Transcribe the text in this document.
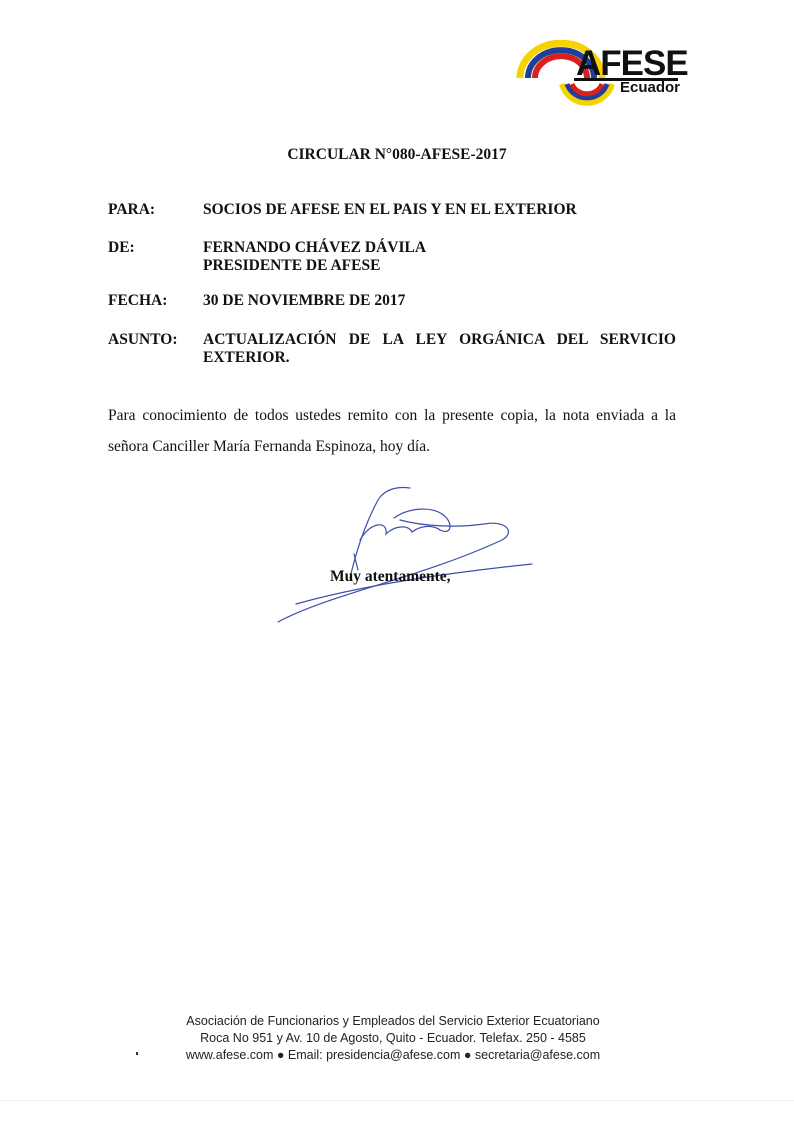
AFESE
Ecuador
CIRCULAR N°080-AFESE-2017
PARA:	SOCIOS DE AFESE EN EL PAIS Y EN EL EXTERIOR
DE:	FERNANDO CHÁVEZ DÁVILA
PRESIDENTE DE AFESE
FECHA:	30 DE NOVIEMBRE DE 2017
ASUNTO:	ACTUALIZACIÓN DE LA LEY ORGÁNICA DEL SERVICIO
EXTERIOR.
Para conocimiento de todos ustedes remito con la presente copia, la nota enviada a la señora Canciller María Fernanda Espinoza, hoy día.
Muy atentamente,
Asociación de Funcionarios y Empleados del Servicio Exterior Ecuatoriano
Roca No 951 y Av. 10 de Agosto, Quito - Ecuador. Telefax. 250 - 4585
www.afese.com ● Email: presidencia@afese.com ● secretaria@afese.com
